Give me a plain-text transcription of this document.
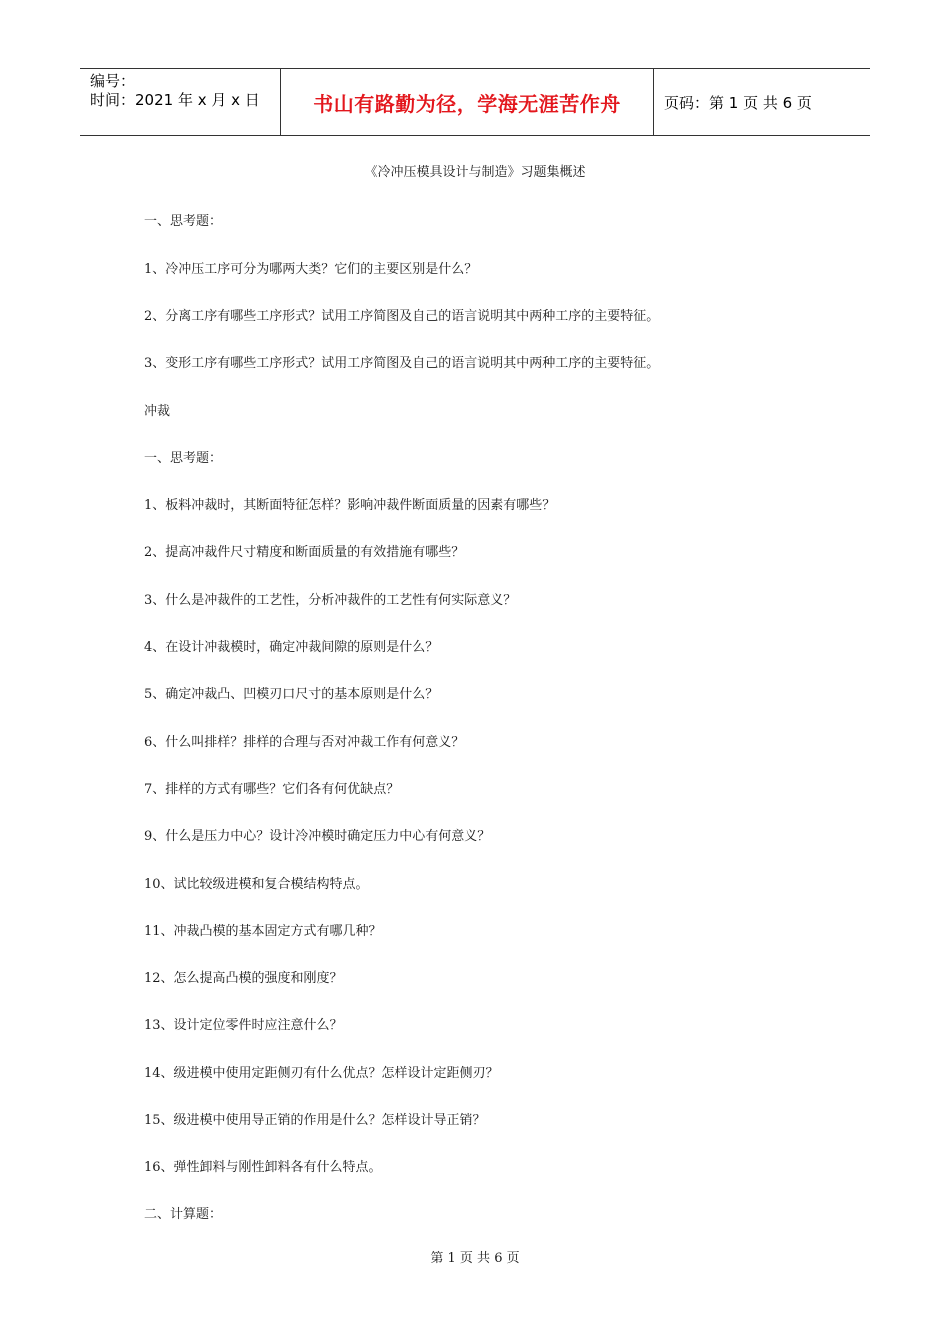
编号：
时间：2021 年 x 月 x 日	书山有路勤为径，学海无涯苦作舟	页码：第 1 页 共 6 页
《冷冲压模具设计与制造》习题集概述
一、思考题：
1、冷冲压工序可分为哪两大类？它们的主要区别是什么？
2、分离工序有哪些工序形式？试用工序简图及自己的语言说明其中两种工序的主要特征。
3、变形工序有哪些工序形式？试用工序简图及自己的语言说明其中两种工序的主要特征。
冲裁
一、思考题：
1、板料冲裁时，其断面特征怎样？影响冲裁件断面质量的因素有哪些？
2、提高冲裁件尺寸精度和断面质量的有效措施有哪些？
3、什么是冲裁件的工艺性，分析冲裁件的工艺性有何实际意义？
4、在设计冲裁模时，确定冲裁间隙的原则是什么？
5、确定冲裁凸、凹模刃口尺寸的基本原则是什么？
6、什么叫排样？排样的合理与否对冲裁工作有何意义？
7、排样的方式有哪些？它们各有何优缺点？
9、什么是压力中心？设计冷冲模时确定压力中心有何意义？
10、试比较级进模和复合模结构特点。
11、冲裁凸模的基本固定方式有哪几种？
12、怎么提高凸模的强度和刚度？
13、设计定位零件时应注意什么？
14、级进模中使用定距侧刃有什么优点？怎样设计定距侧刃？
15、级进模中使用导正销的作用是什么？怎样设计导正销？
16、弹性卸料与刚性卸料各有什么特点。
二、计算题：
第 1 页 共 6 页
